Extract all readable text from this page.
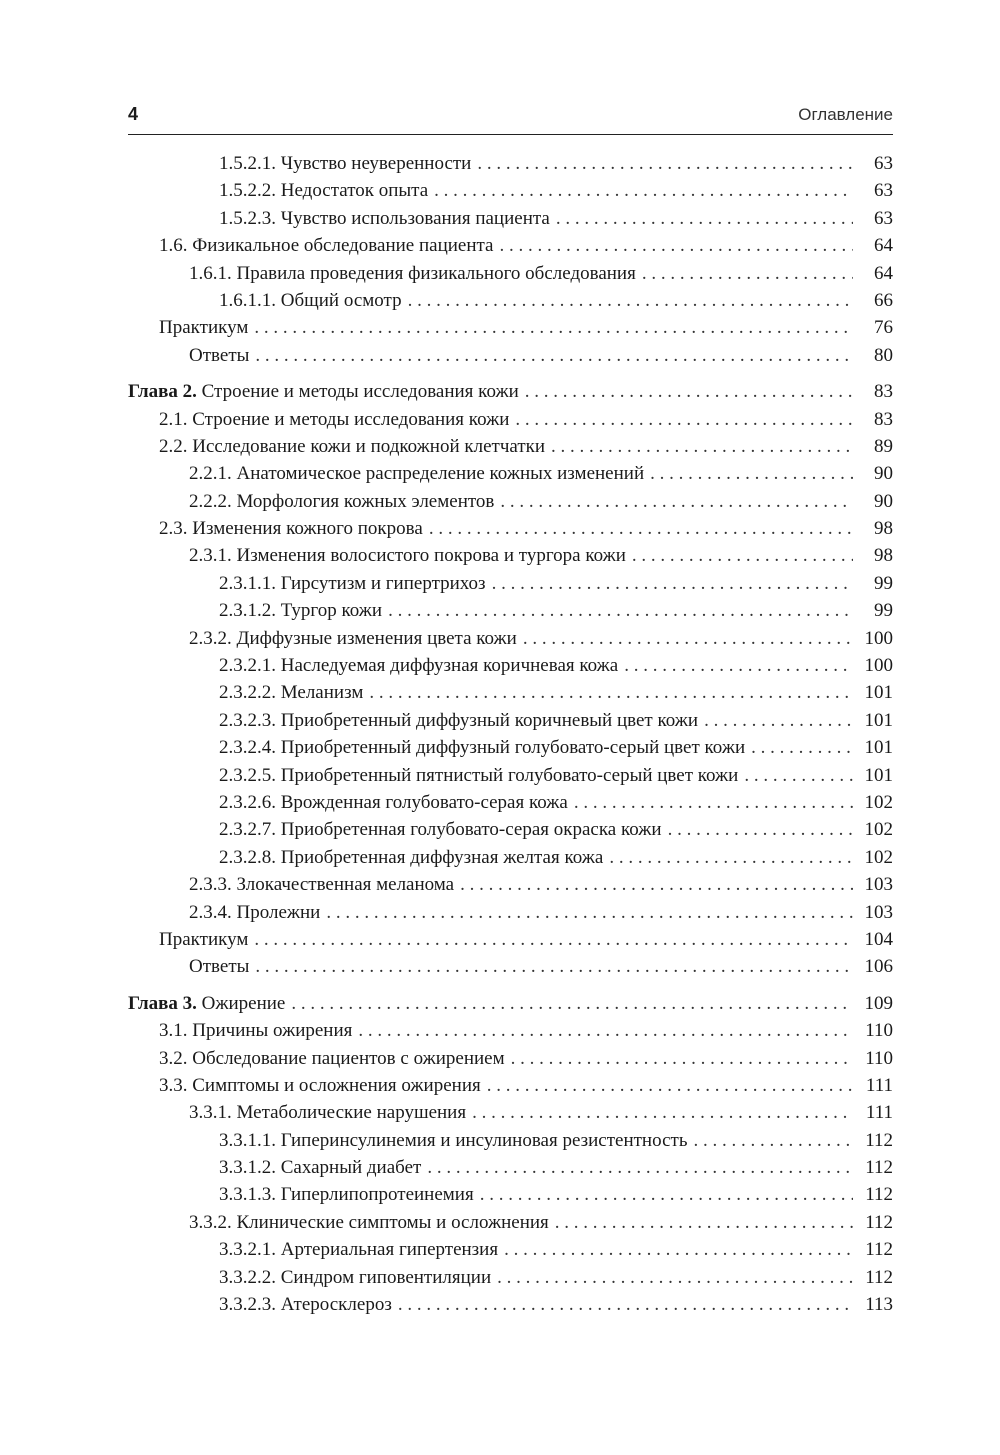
4	Оглавление
1.5.2.1. Чувство неуверенности . . .	63
1.5.2.2. Недостаток опыта . . .	63
1.5.2.3. Чувство использования пациента . . .	63
1.6. Физикальное обследование пациента . . .	64
1.6.1. Правила проведения физикального обследования . . .	64
1.6.1.1. Общий осмотр . . .	66
Практикум . . .	76
Ответы . . .	80
Глава 2. Строение и методы исследования кожи . . .	83
2.1. Строение и методы исследования кожи . . .	83
2.2. Исследование кожи и подкожной клетчатки . . .	89
2.2.1. Анатомическое распределение кожных изменений . . .	90
2.2.2. Морфология кожных элементов . . .	90
2.3. Изменения кожного покрова . . .	98
2.3.1. Изменения волосистого покрова и тургора кожи . . .	98
2.3.1.1. Гирсутизм и гипертрихоз . . .	99
2.3.1.2. Тургор кожи . . .	99
2.3.2. Диффузные изменения цвета кожи . . .	100
2.3.2.1. Наследуемая диффузная коричневая кожа . . .	100
2.3.2.2. Меланизм . . .	101
2.3.2.3. Приобретенный диффузный коричневый цвет кожи . . .	101
2.3.2.4. Приобретенный диффузный голубовато-серый цвет кожи . . .	101
2.3.2.5. Приобретенный пятнистый голубовато-серый цвет кожи . . .	101
2.3.2.6. Врожденная голубовато-серая кожа . . .	102
2.3.2.7. Приобретенная голубовато-серая окраска кожи . . .	102
2.3.2.8. Приобретенная диффузная желтая кожа . . .	102
2.3.3. Злокачественная меланома . . .	103
2.3.4. Пролежни . . .	103
Практикум . . .	104
Ответы . . .	106
Глава 3. Ожирение . . .	109
3.1. Причины ожирения . . .	110
3.2. Обследование пациентов с ожирением . . .	110
3.3. Симптомы и осложнения ожирения . . .	111
3.3.1. Метаболические нарушения . . .	111
3.3.1.1. Гиперинсулинемия и инсулиновая резистентность . . .	112
3.3.1.2. Сахарный диабет . . .	112
3.3.1.3. Гиперлипопротеинемия . . .	112
3.3.2. Клинические симптомы и осложнения . . .	112
3.3.2.1. Артериальная гипертензия . . .	112
3.3.2.2. Синдром гиповентиляции . . .	112
3.3.2.3. Атеросклероз . . .	113
